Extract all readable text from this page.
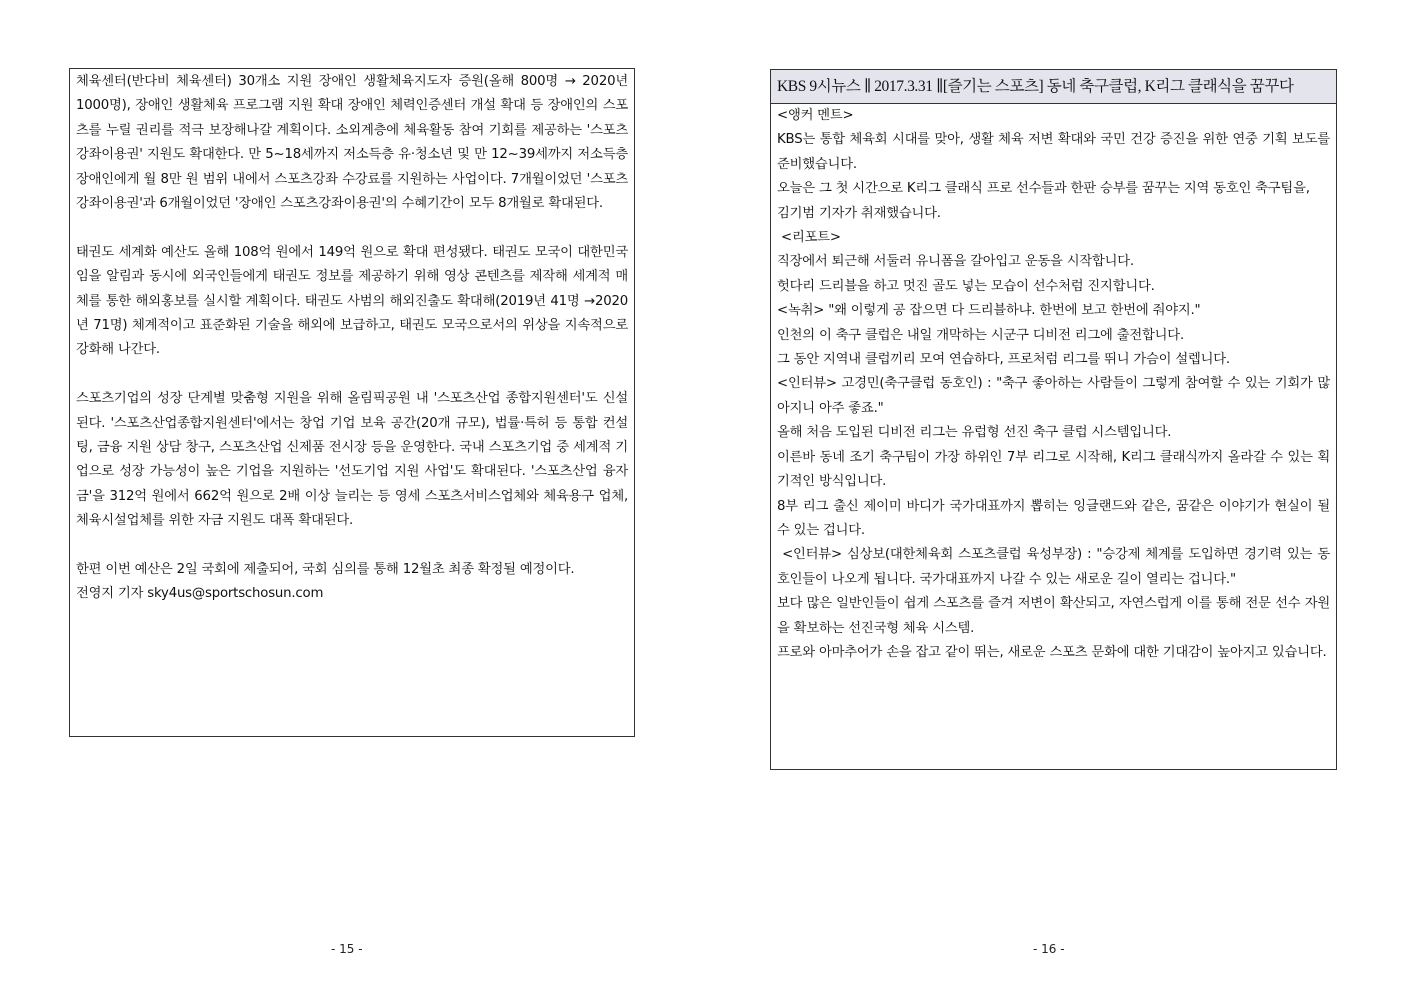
체육센터(반다비 체육센터) 30개소 지원 장애인 생활체육지도자 증원(올해 800명 → 2020년 1000명), 장애인 생활체육 프로그램 지원 확대 장애인 체력인증센터 개설 확대 등 장애인의 스포츠를 누릴 권리를 적극 보장해나갈 계획이다. 소외계층에 체육활동 참여 기회를 제공하는 '스포츠강좌이용권' 지원도 확대한다. 만 5~18세까지 저소득층 유·청소년 및 만 12~39세까지 저소득층 장애인에게 월 8만 원 범위 내에서 스포츠강좌 수강료를 지원하는 사업이다. 7개월이었던 '스포츠강좌이용권'과 6개월이었던 '장애인 스포츠강좌이용권'의 수혜기간이 모두 8개월로 확대된다.

태권도 세계화 예산도 올해 108억 원에서 149억 원으로 확대 편성됐다. 태권도 모국이 대한민국임을 알림과 동시에 외국인들에게 태권도 정보를 제공하기 위해 영상 콘텐츠를 제작해 세계적 매체를 통한 해외홍보를 실시할 계획이다. 태권도 사범의 해외진출도 확대해(2019년 41명 →2020년 71명) 체계적이고 표준화된 기술을 해외에 보급하고, 태권도 모국으로서의 위상을 지속적으로 강화해 나간다.

스포츠기업의 성장 단계별 맞춤형 지원을 위해 올림픽공원 내 '스포츠산업 종합지원센터'도 신설된다. '스포츠산업종합지원센터'에서는 창업 기업 보육 공간(20개 규모), 법률·특허 등 통합 컨설팅, 금융 지원 상담 창구, 스포츠산업 신제품 전시장 등을 운영한다. 국내 스포츠기업 중 세계적 기업으로 성장 가능성이 높은 기업을 지원하는 '선도기업 지원 사업'도 확대된다. '스포츠산업 융자금'을 312억 원에서 662억 원으로 2배 이상 늘리는 등 영세 스포츠서비스업체와 체육용구 업체, 체육시설업체를 위한 자금 지원도 대폭 확대된다.

한편 이번 예산은 2일 국회에 제출되어, 국회 심의를 통해 12월초 최종 확정될 예정이다.

전영지 기자 sky4us@sportschosun.com

KBS 9시뉴스 ∥ 2017.3.31 ∥[즐기는 스포츠] 동네 축구클럽, K리그 클래식을 꿈꾸다

<앵커 멘트>

KBS는 통합 체육회 시대를 맞아, 생활 체육 저변 확대와 국민 건강 증진을 위한 연중 기획 보도를 준비했습니다.

오늘은 그 첫 시간으로 K리그 클래식 프로 선수들과 한판 승부를 꿈꾸는 지역 동호인 축구팀을,

김기범 기자가 취재했습니다.

<리포트>

직장에서 퇴근해 서둘러 유니폼을 갈아입고 운동을 시작합니다.

헛다리 드리블을 하고 멋진 골도 넣는 모습이 선수처럼 진지합니다.

<녹취> "왜 이렇게 공 잡으면 다 드리블하냐. 한번에 보고 한번에 줘야지."

인천의 이 축구 클럽은 내일 개막하는 시군구 디비전 리그에 출전합니다.

그 동안 지역내 클럽끼리 모여 연습하다, 프로처럼 리그를 뛰니 가슴이 설렙니다.

<인터뷰> 고경민(축구클럽 동호인) : "축구 좋아하는 사람들이 그렇게 참여할 수 있는 기회가 많아지니 아주 좋죠."

올해 처음 도입된 디비전 리그는 유럽형 선진 축구 클럽 시스템입니다.

이른바 동네 조기 축구팀이 가장 하위인 7부 리그로 시작해, K리그 클래식까지 올라갈 수 있는 획기적인 방식입니다.

8부 리그 출신 제이미 바디가 국가대표까지 뽑히는 잉글랜드와 같은, 꿈같은 이야기가 현실이 될 수 있는 겁니다.

<인터뷰> 심상보(대한체육회 스포츠클럽 육성부장) : "승강제 체계를 도입하면 경기력 있는 동호인들이 나오게 됩니다. 국가대표까지 나갈 수 있는 새로운 길이 열리는 겁니다."

보다 많은 일반인들이 쉽게 스포츠를 즐겨 저변이 확산되고, 자연스럽게 이를 통해 전문 선수 자원을 확보하는 선진국형 체육 시스템.

프로와 아마추어가 손을 잡고 같이 뛰는, 새로운 스포츠 문화에 대한 기대감이 높아지고 있습니다.

- 15 -	- 16 -
